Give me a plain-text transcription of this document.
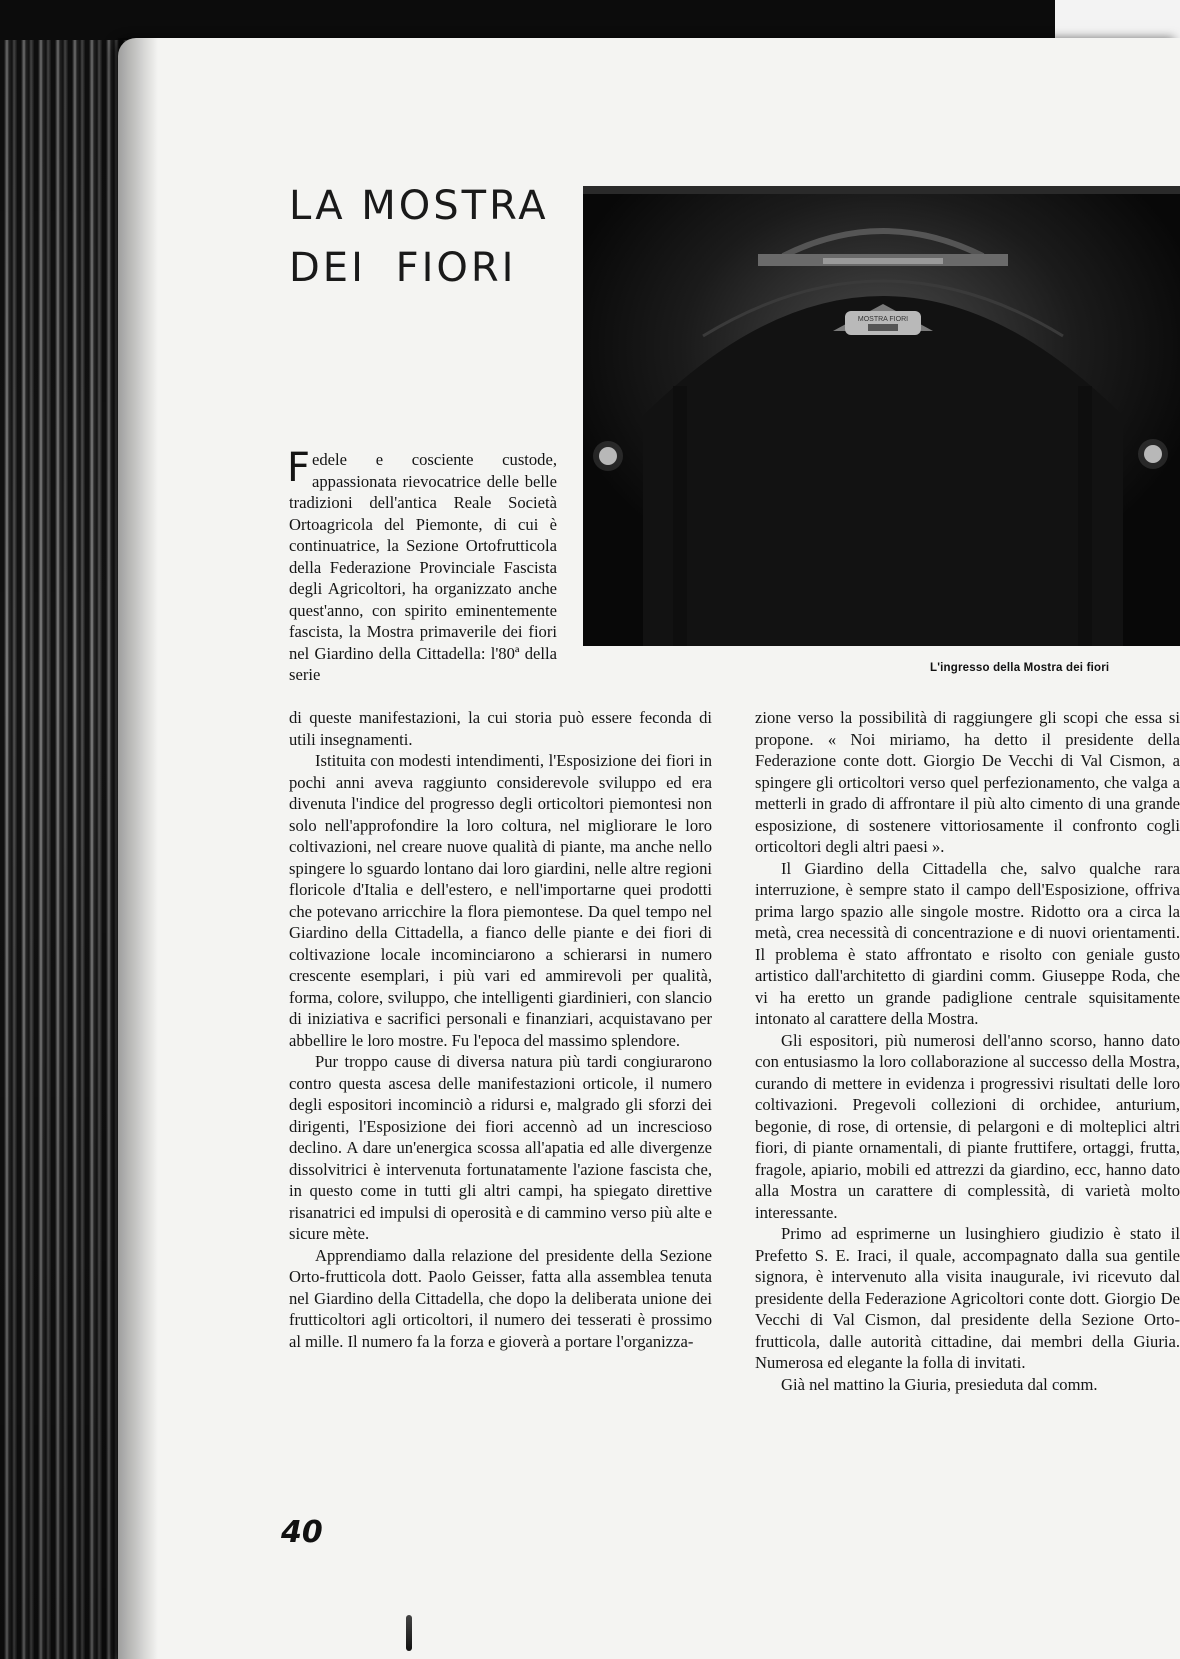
LA MOSTRA
DEI FIORI
MOSTRA FIORI
L'ingresso della Mostra dei fiori
Fedele e cosciente custode, appassionata rievocatrice delle belle tradizioni dell'antica Reale Società Ortoagricola del Piemonte, di cui è continuatrice, la Sezione Ortofrutticola della Federazione Provinciale Fascista degli Agricoltori, ha organizzato anche quest'anno, con spirito eminentemente fascista, la Mostra primaverile dei fiori nel Giardino della Cittadella: l'80ª della serie

di queste manifestazioni, la cui storia può essere feconda di utili insegnamenti.

Istituita con modesti intendimenti, l'Esposizione dei fiori in pochi anni aveva raggiunto considerevole sviluppo ed era divenuta l'indice del progresso degli orticoltori piemontesi non solo nell'approfondire la loro coltura, nel migliorare le loro coltivazioni, nel creare nuove qualità di piante, ma anche nello spingere lo sguardo lontano dai loro giardini, nelle altre regioni floricole d'Italia e dell'estero, e nell'importarne quei prodotti che potevano arricchire la flora piemontese. Da quel tempo nel Giardino della Cittadella, a fianco delle piante e dei fiori di coltivazione locale incominciarono a schierarsi in numero crescente esemplari, i più vari ed ammirevoli per qualità, forma, colore, sviluppo, che intelligenti giardinieri, con slancio di iniziativa e sacrifici personali e finanziari, acquistavano per abbellire le loro mostre. Fu l'epoca del massimo splendore.

Pur troppo cause di diversa natura più tardi congiurarono contro questa ascesa delle manifestazioni orticole, il numero degli espositori incominciò a ridursi e, malgrado gli sforzi dei dirigenti, l'Esposizione dei fiori accennò ad un increscioso declino. A dare un'energica scossa all'apatia ed alle divergenze dissolvitrici è intervenuta fortunatamente l'azione fascista che, in questo come in tutti gli altri campi, ha spiegato direttive risanatrici ed impulsi di operosità e di cammino verso più alte e sicure mète.

Apprendiamo dalla relazione del presidente della Sezione Orto-frutticola dott. Paolo Geisser, fatta alla assemblea tenuta nel Giardino della Cittadella, che dopo la deliberata unione dei frutticoltori agli orticoltori, il numero dei tesserati è prossimo al mille. Il numero fa la forza e gioverà a portare l'organizza-

zione verso la possibilità di raggiungere gli scopi che essa si propone. « Noi miriamo, ha detto il presidente della Federazione conte dott. Giorgio De Vecchi di Val Cismon, a spingere gli orticoltori verso quel perfezionamento, che valga a metterli in grado di affrontare il più alto cimento di una grande esposizione, di sostenere vittoriosamente il confronto cogli orticoltori degli altri paesi ».

Il Giardino della Cittadella che, salvo qualche rara interruzione, è sempre stato il campo dell'Esposizione, offriva prima largo spazio alle singole mostre. Ridotto ora a circa la metà, crea necessità di concentrazione e di nuovi orientamenti. Il problema è stato affrontato e risolto con geniale gusto artistico dall'architetto di giardini comm. Giuseppe Roda, che vi ha eretto un grande padiglione centrale squisitamente intonato al carattere della Mostra.

Gli espositori, più numerosi dell'anno scorso, hanno dato con entusiasmo la loro collaborazione al successo della Mostra, curando di mettere in evidenza i progressivi risultati delle loro coltivazioni. Pregevoli collezioni di orchidee, anturium, begonie, di rose, di ortensie, di pelargoni e di molteplici altri fiori, di piante ornamentali, di piante fruttifere, ortaggi, frutta, fragole, apiario, mobili ed attrezzi da giardino, ecc, hanno dato alla Mostra un carattere di complessità, di varietà molto interessante.

Primo ad esprimerne un lusinghiero giudizio è stato il Prefetto S. E. Iraci, il quale, accompagnato dalla sua gentile signora, è intervenuto alla visita inaugurale, ivi ricevuto dal presidente della Federazione Agricoltori conte dott. Giorgio De Vecchi di Val Cismon, dal presidente della Sezione Orto-frutticola, dalle autorità cittadine, dai membri della Giuria. Numerosa ed elegante la folla di invitati.

Già nel mattino la Giuria, presieduta dal comm.

40
